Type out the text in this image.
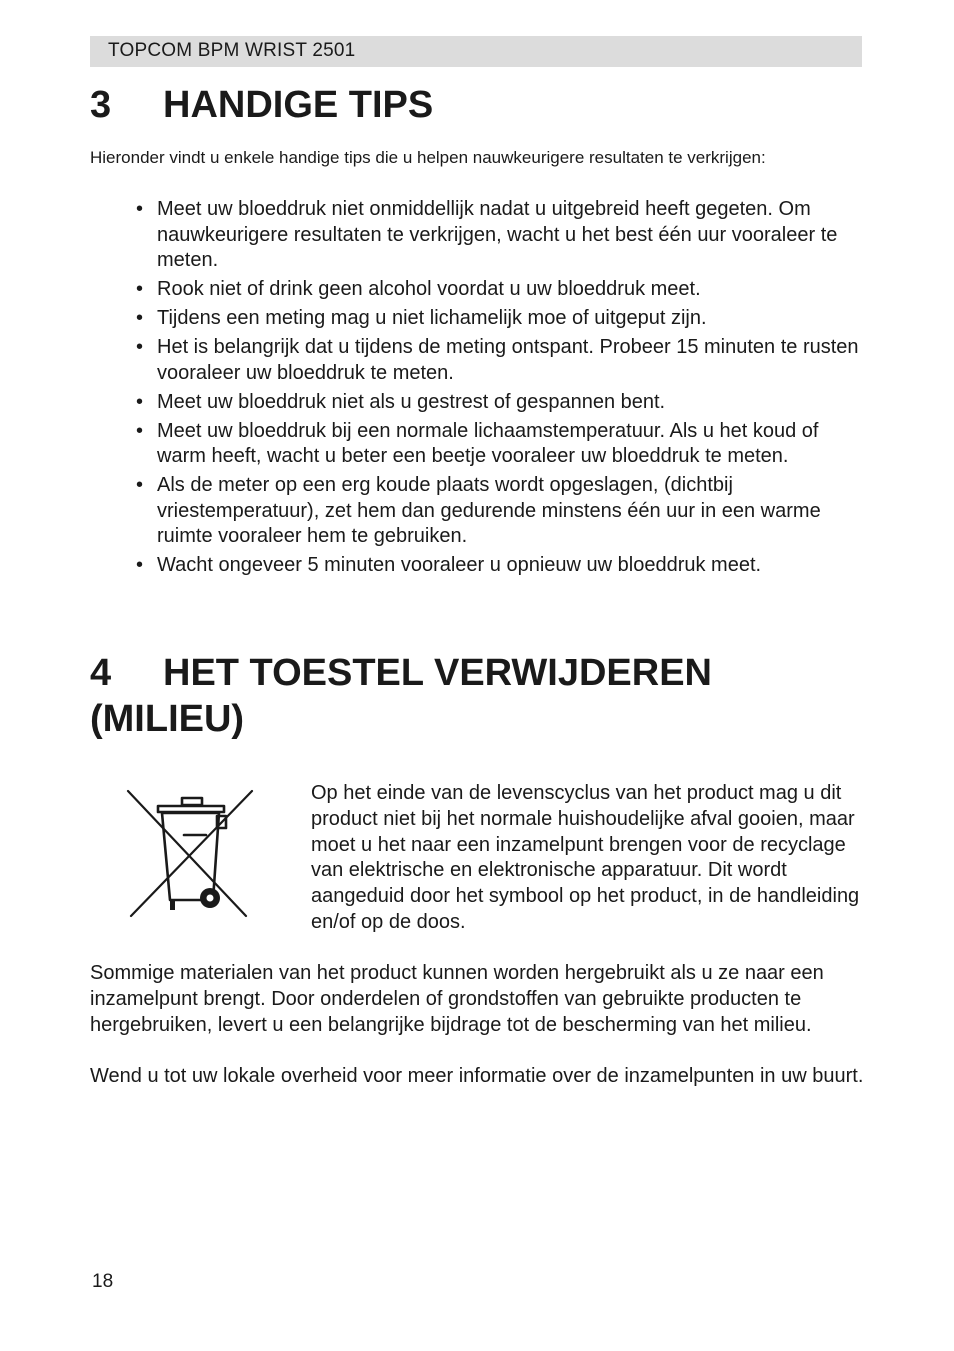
TOPCOM BPM WRIST 2501
3 HANDIGE TIPS
Hieronder vindt u enkele handige tips die u helpen nauwkeurigere resultaten te verkrijgen:
• Meet uw bloeddruk niet onmiddellijk nadat u uitgebreid heeft gegeten. Om nauwkeurigere resultaten te verkrijgen, wacht u het best één uur vooraleer te meten.
• Rook niet of drink geen alcohol voordat u uw bloeddruk meet.
• Tijdens een meting mag u niet lichamelijk moe of uitgeput zijn.
• Het is belangrijk dat u tijdens de meting ontspant. Probeer 15 minuten te rusten vooraleer uw bloeddruk te meten.
• Meet uw bloeddruk niet als u gestrest of gespannen bent.
• Meet uw bloeddruk bij een normale lichaamstemperatuur. Als u het koud of warm heeft, wacht u beter een beetje vooraleer uw bloeddruk te meten.
• Als de meter op een erg koude plaats wordt opgeslagen, (dichtbij vriestemperatuur), zet hem dan gedurende minstens één uur in een warme ruimte vooraleer hem te gebruiken.
• Wacht ongeveer 5 minuten vooraleer u opnieuw uw bloeddruk meet.
4 HET TOESTEL VERWIJDEREN
(MILIEU)
Op het einde van de levenscyclus van het product mag u dit product niet bij het normale huishoudelijke afval gooien, maar moet u het naar een inzamelpunt brengen voor de recyclage van elektrische en elektronische apparatuur. Dit wordt aangeduid door het symbool op het product, in de handleiding en/of op de doos.
Sommige materialen van het product kunnen worden hergebruikt als u ze naar een inzamelpunt brengt. Door onderdelen of grondstoffen van gebruikte producten te hergebruiken, levert u een belangrijke bijdrage tot de bescherming van het milieu.
Wend u tot uw lokale overheid voor meer informatie over de inzamelpunten in uw buurt.
18
